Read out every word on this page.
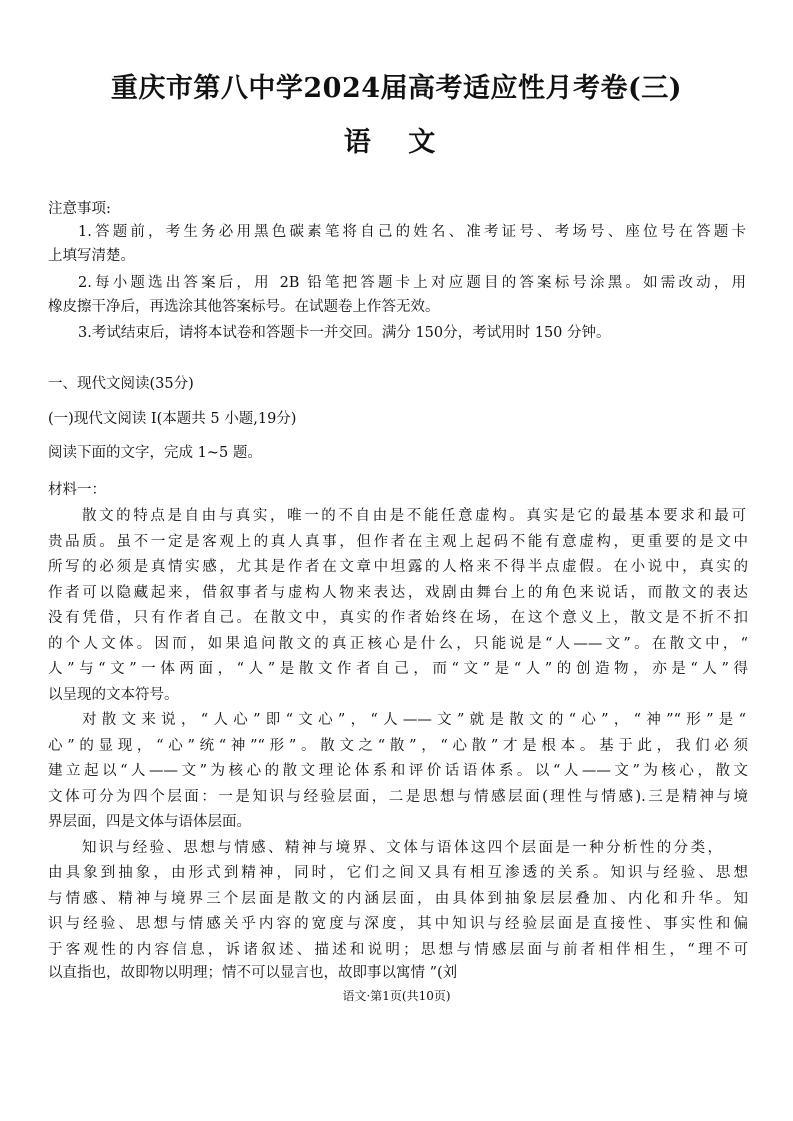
重庆市第八中学2024届高考适应性月考卷(三)
语 文
注意事项:
1.答题前，考生务必用黑色碳素笔将自己的姓名、准考证号、考场号、座位号在答题卡
上填写清楚。
2.每小题选出答案后，用 2B 铅笔把答题卡上对应题目的答案标号涂黑。如需改动，用
橡皮擦干净后，再选涂其他答案标号。在试题卷上作答无效。
3.考试结束后，请将本试卷和答题卡一并交回。满分 150分，考试用时 150 分钟。
一、现代文阅读(35分)
(一)现代文阅读 Ⅰ(本题共 5 小题,19分)
阅读下面的文字，完成 1~5 题。
材料一：
散文的特点是自由与真实，唯一的不自由是不能任意虚构。真实是它的最基本要求和最可
贵品质。虽不一定是客观上的真人真事，但作者在主观上起码不能有意虚构，更重要的是文中
所写的必须是真情实感，尤其是作者在文章中坦露的人格来不得半点虚假。在小说中，真实的
作者可以隐藏起来，借叙事者与虚构人物来表达，戏剧由舞台上的角色来说话，而散文的表达
没有凭借，只有作者自己。在散文中，真实的作者始终在场，在这个意义上，散文是不折不扣
的个人文体。因而，如果追问散文的真正核心是什么，只能说是“人——文”。在散文中，“
人”与“文”一体两面，“人”是散文作者自己，而“文”是“人”的创造物，亦是“人”得
以呈现的文本符号。
对散文来说，“人心”即“文心”，“人——文”就是散文的“心”，“神”“形”是“
心”的显现，“心”统“神”“形”。散文之“散”，“心散”才是根本。基于此，我们必须
建立起以“人——文”为核心的散文理论体系和评价话语体系。以“人——文”为核心，散文
文体可分为四个层面：一是知识与经验层面，二是思想与情感层面(理性与情感).三是精神与境
界层面，四是文体与语体层面。
知识与经验、思想与情感、精神与境界、文体与语体这四个层面是一种分析性的分类，
由具象到抽象，由形式到精神，同时，它们之间又具有相互渗透的关系。知识与经验、思想
与情感、精神与境界三个层面是散文的内涵层面，由具体到抽象层层叠加、内化和升华。知
识与经验、思想与情感关乎内容的宽度与深度，其中知识与经验层面是直接性、事实性和偏
于客观性的内容信息，诉诸叙述、描述和说明；思想与情感层面与前者相伴相生，“理不可
以直指也，故即物以明理；情不可以显言也，故即事以寓情 ”(刘
语文·第1页(共10页)
